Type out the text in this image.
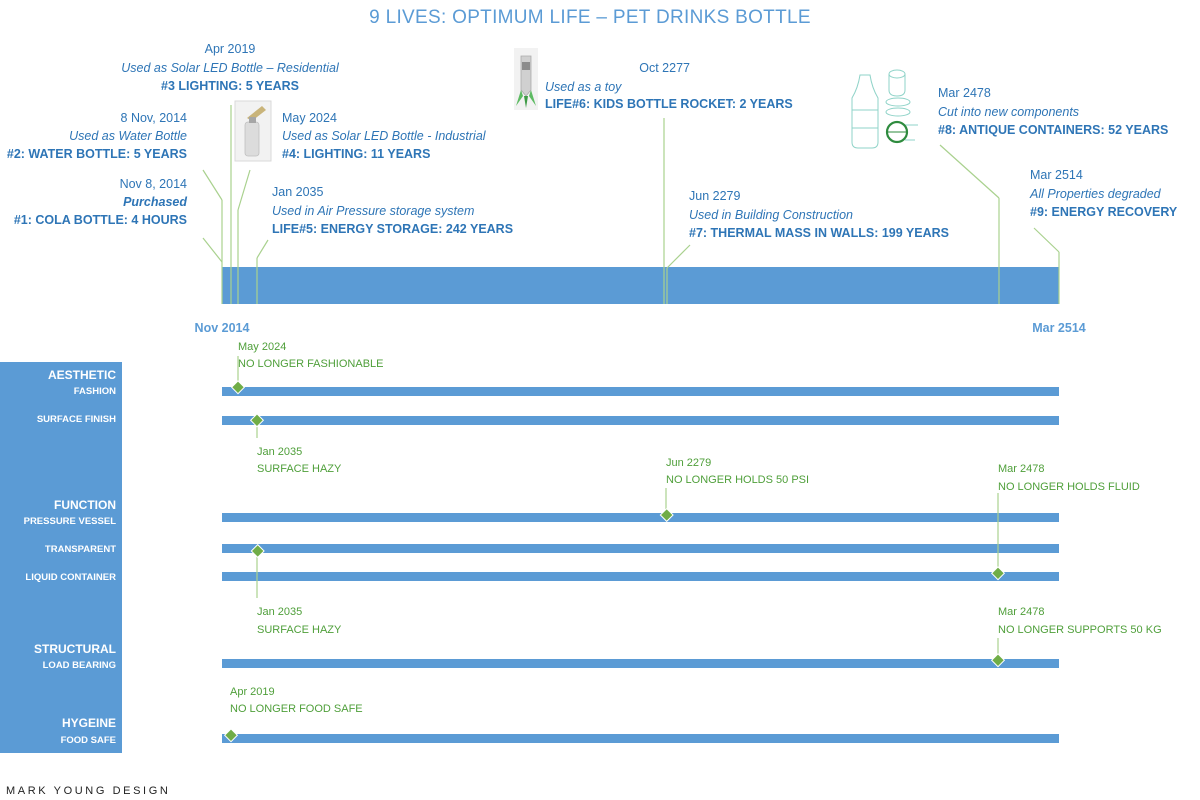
9 LIVES: OPTIMUM LIFE – PET DRINKS BOTTLE
Nov 8, 2014
Purchased
#1: COLA BOTTLE: 4 HOURS
8 Nov, 2014
Used as Water Bottle
#2: WATER BOTTLE: 5 YEARS
Apr 2019
Used as Solar LED Bottle – Residential
#3 LIGHTING: 5 YEARS
May 2024
Used as Solar LED Bottle - Industrial
#4: LIGHTING: 11 YEARS
Jan 2035
Used in Air Pressure storage system
LIFE#5: ENERGY STORAGE: 242 YEARS
Oct 2277
Used as a toy
LIFE#6: KIDS BOTTLE ROCKET: 2 YEARS
Jun 2279
Used in Building Construction
#7: THERMAL MASS IN WALLS: 199 YEARS
Mar 2478
Cut into new components
#8: ANTIQUE CONTAINERS: 52 YEARS
Mar 2514
All Properties degraded
#9: ENERGY RECOVERY
Nov 2014	Mar 2514
AESTHETIC
FASHION
SURFACE FINISH
FUNCTION
PRESSURE VESSEL
TRANSPARENT
LIQUID CONTAINER
STRUCTURAL
LOAD BEARING
HYGEINE
FOOD SAFE
May 2024
NO LONGER FASHIONABLE
Jan 2035
SURFACE HAZY	Jun 2279
NO LONGER HOLDS 50 PSI
Mar 2478
NO LONGER HOLDS FLUID
Jan 2035
SURFACE HAZY
Mar 2478
NO LONGER SUPPORTS 50 KG
Apr 2019
NO LONGER FOOD SAFE
MARK YOUNG DESIGN
